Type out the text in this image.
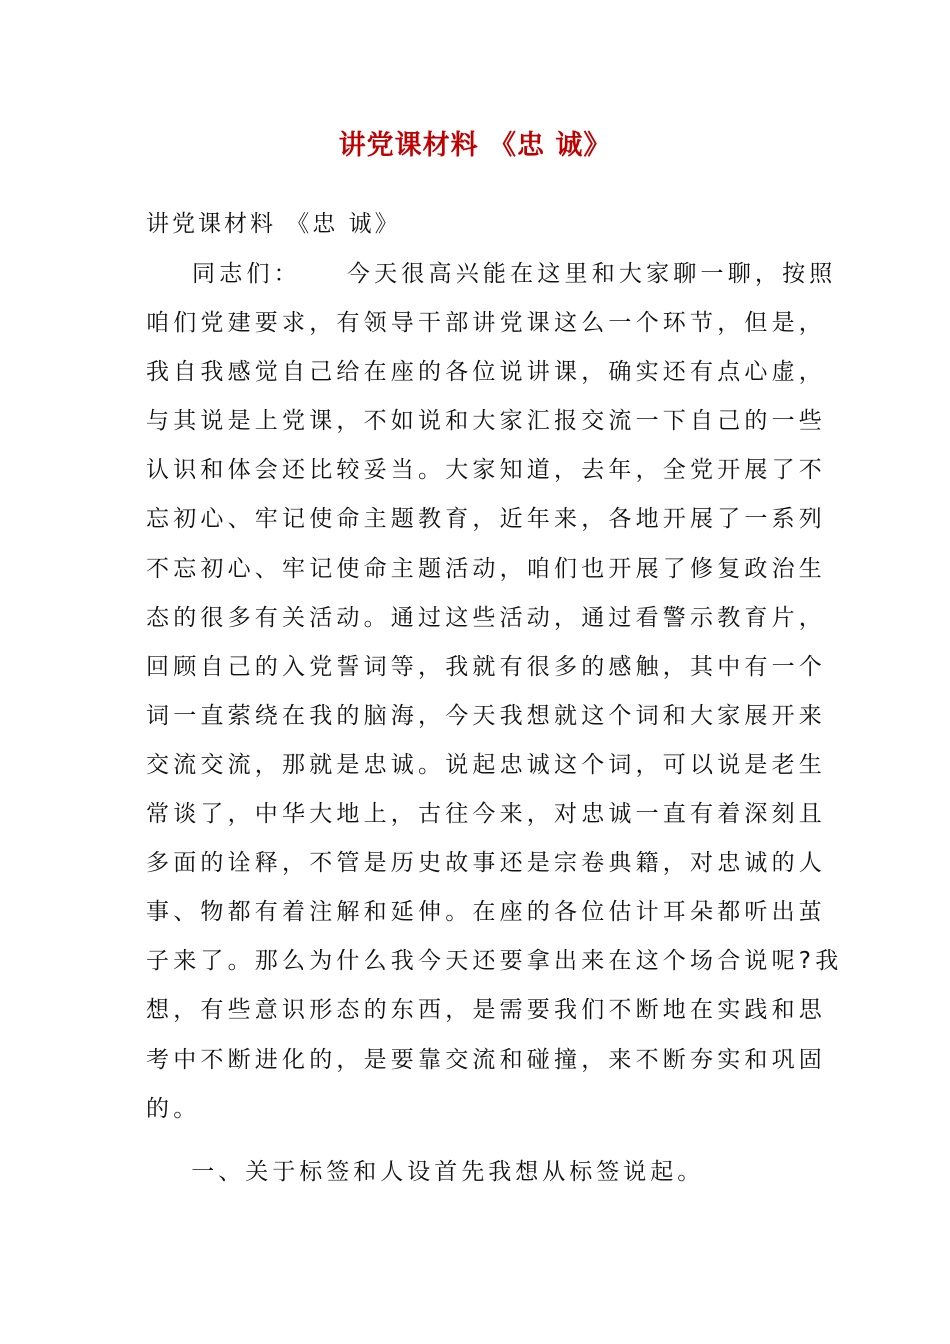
讲党课材料 《忠 诚》

讲党课材料 《忠 诚》

同志们：    今天很高兴能在这里和大家聊一聊，按照
咱们党建要求，有领导干部讲党课这么一个环节，但是，
我自我感觉自己给在座的各位说讲课，确实还有点心虚，
与其说是上党课，不如说和大家汇报交流一下自己的一些
认识和体会还比较妥当。大家知道，去年，全党开展了不
忘初心、牢记使命主题教育，近年来，各地开展了一系列
不忘初心、牢记使命主题活动，咱们也开展了修复政治生
态的很多有关活动。通过这些活动，通过看警示教育片，
回顾自己的入党誓词等，我就有很多的感触，其中有一个
词一直萦绕在我的脑海，今天我想就这个词和大家展开来
交流交流，那就是忠诚。说起忠诚这个词，可以说是老生
常谈了，中华大地上，古往今来，对忠诚一直有着深刻且
多面的诠释，不管是历史故事还是宗卷典籍，对忠诚的人
事、物都有着注解和延伸。在座的各位估计耳朵都听出茧
子来了。那么为什么我今天还要拿出来在这个场合说呢?我
想，有些意识形态的东西，是需要我们不断地在实践和思
考中不断进化的，是要靠交流和碰撞，来不断夯实和巩固
的。

一、关于标签和人设首先我想从标签说起。
